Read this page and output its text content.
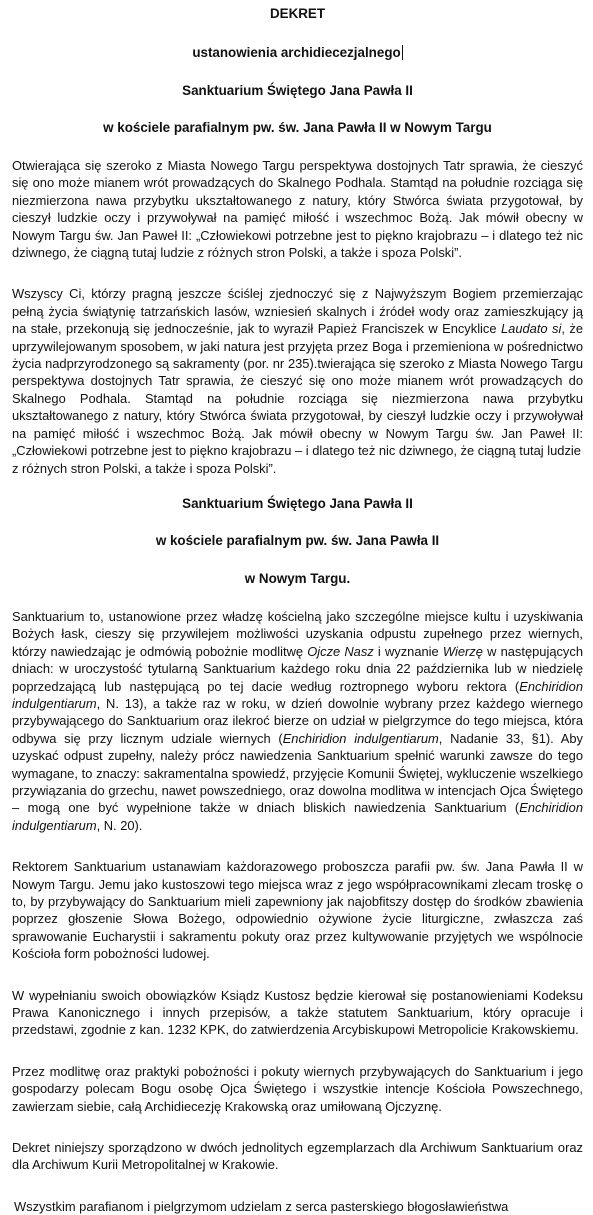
DEKRET

ustanowienia archidiecezjalnego

Sanktuarium Świętego Jana Pawła II

w kościele parafialnym pw. św. Jana Pawła II w Nowym Targu

Otwierająca się szeroko z Miasta Nowego Targu perspektywa dostojnych Tatr sprawia, że cieszyć się ono może mianem wrót prowadzących do Skalnego Podhala. Stamtąd na południe rozciąga się niezmierzona nawa przybytku ukształtowanego z natury, który Stwórca świata przygotował, by cieszył ludzkie oczy i przywoływał na pamięć miłość i wszechmoc Bożą. Jak mówił obecny w Nowym Targu św. Jan Paweł II: „Człowiekowi potrzebne jest to piękno krajobrazu – i dlatego też nic dziwnego, że ciągną tutaj ludzie z różnych stron Polski, a także i spoza Polski”.

Wszyscy Ci, którzy pragną jeszcze ściślej zjednoczyć się z Najwyższym Bogiem przemierzając pełną życia świątynię tatrzańskich lasów, wzniesień skalnych i źródeł wody oraz zamieszkujący ją na stałe, przekonują się jednocześnie, jak to wyraził Papież Franciszek w Encyklice Laudato si, że uprzywilejowanym sposobem, w jaki natura jest przyjęta przez Boga i przemieniona w pośrednictwo życia nadprzyrodzonego są sakramenty (por. nr 235).twierająca się szeroko z Miasta Nowego Targu perspektywa dostojnych Tatr sprawia, że cieszyć się ono może mianem wrót prowadzących do Skalnego Podhala. Stamtąd na południe rozciąga się niezmierzona nawa przybytku ukształtowanego z natury, który Stwórca świata przygotował, by cieszył ludzkie oczy i przywoływał na pamięć miłość i wszechmoc Bożą. Jak mówił obecny w Nowym Targu św. Jan Paweł II: „Człowiekowi potrzebne jest to piękno krajobrazu – i dlatego też nic dziwnego, że ciągną tutaj ludzie
z różnych stron Polski, a także i spoza Polski”.

Sanktuarium Świętego Jana Pawła II

w kościele parafialnym pw. św. Jana Pawła II

w Nowym Targu.

Sanktuarium to, ustanowione przez władzę kościelną jako szczególne miejsce kultu i uzyskiwania Bożych łask, cieszy się przywilejem możliwości uzyskania odpustu zupełnego przez wiernych, którzy nawiedzając je odmówią pobożnie modlitwę Ojcze Nasz i wyznanie Wierzę w następujących dniach: w uroczystość tytularną Sanktuarium każdego roku dnia 22 października lub w niedzielę poprzedzającą lub następującą po tej dacie według roztropnego wyboru rektora (Enchiridion indulgentiarum, N. 13), a także raz w roku, w dzień dowolnie wybrany przez każdego wiernego przybywającego do Sanktuarium oraz ilekroć bierze on udział w pielgrzymce do tego miejsca, która odbywa się przy licznym udziale wiernych (Enchiridion indulgentiarum, Nadanie 33, §1). Aby uzyskać odpust zupełny, należy prócz nawiedzenia Sanktuarium spełnić warunki zawsze do tego wymagane, to znaczy: sakramentalna spowiedź, przyjęcie Komunii Świętej, wykluczenie wszelkiego przywiązania do grzechu, nawet powszedniego, oraz dowolna modlitwa w intencjach Ojca Świętego – mogą one być wypełnione także w dniach bliskich nawiedzenia Sanktuarium (Enchiridion indulgentiarum, N. 20).

Rektorem Sanktuarium ustanawiam każdorazowego proboszcza parafii pw. św. Jana Pawła II w Nowym Targu. Jemu jako kustoszowi tego miejsca wraz z jego współpracownikami zlecam troskę o to, by przybywający do Sanktuarium mieli zapewniony jak najobfitszy dostęp do środków zbawienia poprzez głoszenie Słowa Bożego, odpowiednio ożywione życie liturgiczne, zwłaszcza zaś sprawowanie Eucharystii i sakramentu pokuty oraz przez kultywowanie przyjętych we wspólnocie Kościoła form pobożności ludowej.

W wypełnianiu swoich obowiązków Ksiądz Kustosz będzie kierował się postanowieniami Kodeksu Prawa Kanonicznego i innych przepisów, a także statutem Sanktuarium, który opracuje i przedstawi, zgodnie z kan. 1232 KPK, do zatwierdzenia Arcybiskupowi Metropolicie Krakowskiemu.

Przez modlitwę oraz praktyki pobożności i pokuty wiernych przybywających do Sanktuarium i jego gospodarzy polecam Bogu osobę Ojca Świętego i wszystkie intencje Kościoła Powszechnego, zawierzam siebie, całą Archidiecezję Krakowską oraz umiłowaną Ojczyznę.

Dekret niniejszy sporządzono w dwóch jednolitych egzemplarzach dla Archiwum Sanktuarium oraz dla Archiwum Kurii Metropolitalnej w Krakowie.

Wszystkim parafianom i pielgrzymom udzielam z serca pasterskiego błogosławieństwa
